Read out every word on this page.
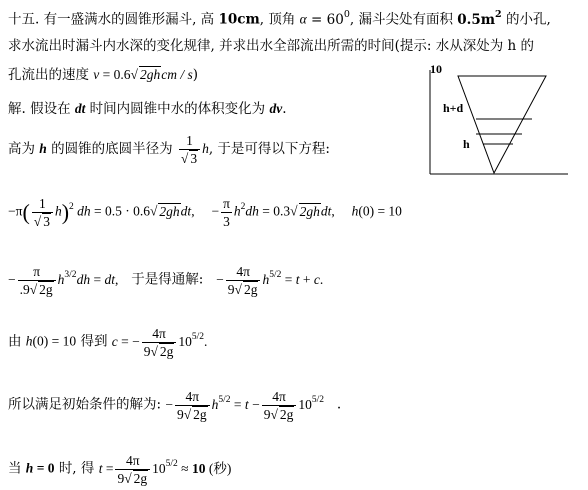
十五. 有一盛满水的圆锥形漏斗, 高 10cm, 顶角 $\alpha = 60^0$, 漏斗尖处有面积 $0.5m^2$ 的小孔,
求水流出时漏斗内水深的变化规律, 并求出水全部流出所需的时间(提示: 水从深处为 h 的
孔流出的速度 v = 0.6√ 2ghcm / s)
解. 假设在 dt 时间内圆锥中水的体积变化为 dv.
高为 h 的圆锥的底圆半径为 $\frac{1}{√ 3} h$, 于是可得以下方程:
$-\pi( \frac{1}{√ 3} h)^2$ dh = 0.5 · 0.6√ 2ghdt, − $\frac{\pi}{3} h^2dh = 0.3√$ 2ghdt,     h(0) = 10
− $\frac{\pi}{.9√ 2g} h^{3/2}dh$ = dt, 于是得通解: − $\frac{4\pi}{9√ 2g} h^{5/2} = t + c$.
由 h(0) = 10 得到 c = − $\frac{4\pi}{9√ 2g} 10^{5/2}$.
所以满足初始条件的解为: − $\frac{4\pi}{9√ 2g} h^{5/2} = t - \frac{4\pi}{9√ 2g} 10^{5/2}$   .
当 h = 0 时, 得 $t = \frac{4\pi}{9√ 2g} 10^{5/2} \approx 10$ (秒)
10
h+d
h
